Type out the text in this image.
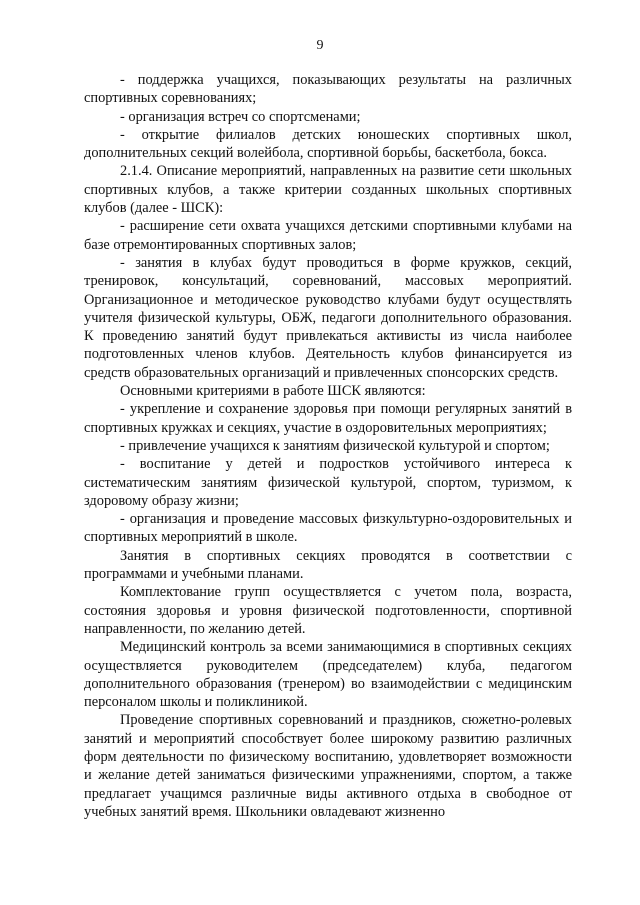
9

- поддержка учащихся, показывающих результаты на различных спортивных соревнованиях;

- организация встреч со спортсменами;

- открытие филиалов детских юношеских спортивных школ, дополнительных секций волейбола, спортивной борьбы, баскетбола, бокса.

2.1.4. Описание мероприятий, направленных на развитие сети школьных спортивных клубов, а также критерии созданных школьных спортивных клубов (далее - ШСК):

- расширение сети охвата учащихся детскими спортивными клубами на базе отремонтированных спортивных залов;

- занятия в клубах будут проводиться в форме кружков, секций, тренировок, консультаций, соревнований, массовых мероприятий. Организационное и методическое руководство клубами будут осуществлять учителя физической культуры, ОБЖ, педагоги дополнительного образования. К проведению занятий будут привлекаться активисты из числа наиболее подготовленных членов клубов. Деятельность клубов финансируется из средств образовательных организаций и привлеченных спонсорских средств.

Основными критериями в работе ШСК являются:

- укрепление и сохранение здоровья при помощи регулярных занятий в спортивных кружках и секциях, участие в оздоровительных мероприятиях;

- привлечение учащихся к занятиям физической культурой и спортом;

- воспитание у детей и подростков устойчивого интереса к систематическим занятиям физической культурой, спортом, туризмом, к здоровому образу жизни;

- организация и проведение массовых физкультурно-оздоровительных и спортивных мероприятий в школе.

Занятия в спортивных секциях проводятся в соответствии с программами и учебными планами.

Комплектование групп осуществляется с учетом пола, возраста, состояния здоровья и уровня физической подготовленности, спортивной направленности, по желанию детей.

Медицинский контроль за всеми занимающимися в спортивных секциях осуществляется руководителем (председателем) клуба, педагогом дополнительного образования (тренером) во взаимодействии с медицинским персоналом школы и поликлиникой.

Проведение спортивных соревнований и праздников, сюжетно-ролевых занятий и мероприятий способствует более широкому развитию различных форм деятельности по физическому воспитанию, удовлетворяет возможности и желание детей заниматься физическими упражнениями, спортом, а также предлагает учащимся различные виды активного отдыха в свободное от учебных занятий время. Школьники овладевают жизненно
